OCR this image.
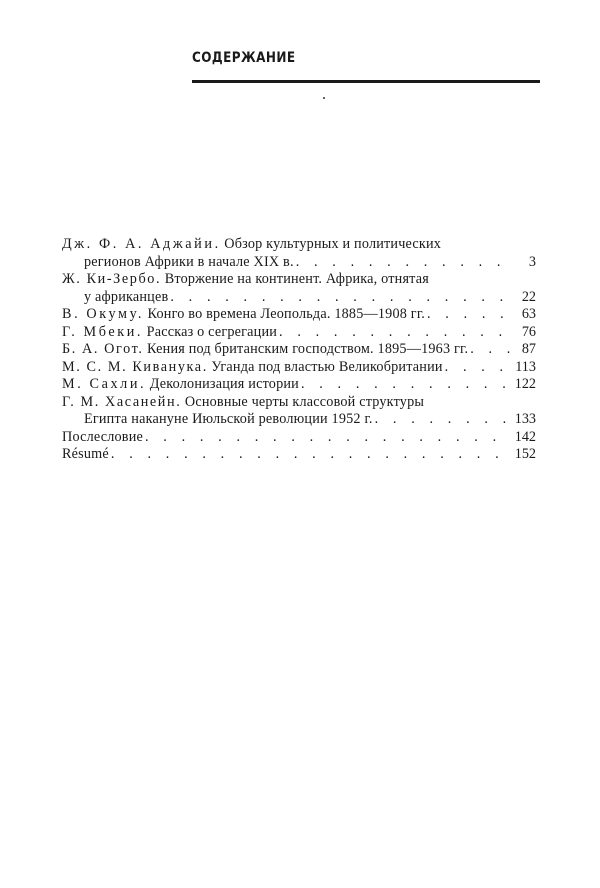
СОДЕРЖАНИЕ
Дж. Ф. А. Аджайи. Обзор культурных и политических
регионов Африки в начале XIX в. . . .	3
Ж. Ки-Зербо. Вторжение на континент. Африка, отнятая
у африканцев . . .	22
В. Окуму. Конго во времена Леопольда. 1885—1908 гг. . . .	63
Г. Мбеки. Рассказ о сегрегации . . .	76
Б. А. Огот. Кения под британским господством. 1895—1963 гг. . . .	87
М. С. М. Киванука. Уганда под властью Великобритании . . .	113
М. Сахли. Деколонизация истории . . .	122
Г. М. Хасанейн. Основные черты классовой структуры
Египта накануне Июльской революции 1952 г. . . .	133
Послесловие . . .	142
Résumé . . .	152
